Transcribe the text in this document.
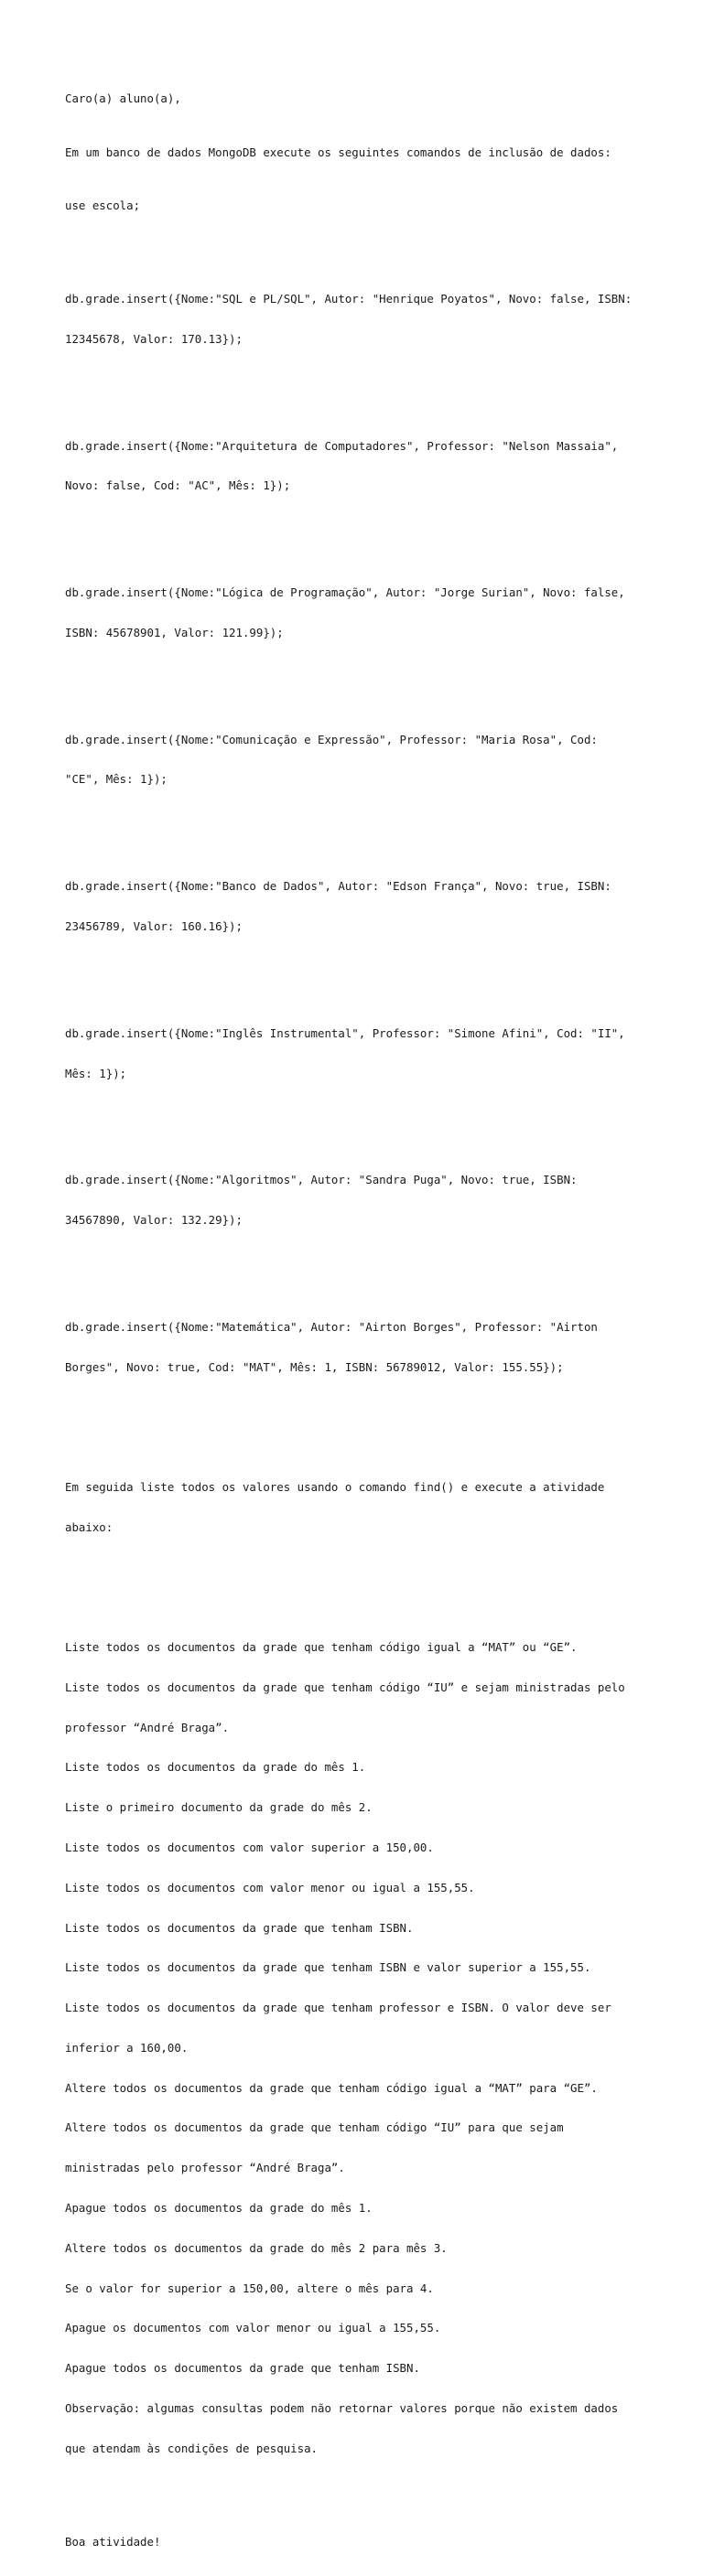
Caro(a) aluno(a),

Em um banco de dados MongoDB execute os seguintes comandos de inclusão de dados:

use escola;

db.grade.insert({Nome:"SQL e PL/SQL", Autor: "Henrique Poyatos", Novo: false, ISBN:

12345678, Valor: 170.13});

db.grade.insert({Nome:"Arquitetura de Computadores", Professor: "Nelson Massaia",

Novo: false, Cod: "AC", Mês: 1});

db.grade.insert({Nome:"Lógica de Programação", Autor: "Jorge Surian", Novo: false,

ISBN: 45678901, Valor: 121.99});

db.grade.insert({Nome:"Comunicação e Expressão", Professor: "Maria Rosa", Cod:

"CE", Mês: 1});

db.grade.insert({Nome:"Banco de Dados", Autor: "Edson França", Novo: true, ISBN:

23456789, Valor: 160.16});

db.grade.insert({Nome:"Inglês Instrumental", Professor: "Simone Afini", Cod: "II",

Mês: 1});

db.grade.insert({Nome:"Algoritmos", Autor: "Sandra Puga", Novo: true, ISBN:

34567890, Valor: 132.29});

db.grade.insert({Nome:"Matemática", Autor: "Airton Borges", Professor: "Airton

Borges", Novo: true, Cod: "MAT", Mês: 1, ISBN: 56789012, Valor: 155.55});

Em seguida liste todos os valores usando o comando find() e execute a atividade

abaixo:

Liste todos os documentos da grade que tenham código igual a “MAT” ou “GE”.

Liste todos os documentos da grade que tenham código “IU” e sejam ministradas pelo

professor “André Braga”.

Liste todos os documentos da grade do mês 1.

Liste o primeiro documento da grade do mês 2.

Liste todos os documentos com valor superior a 150,00.

Liste todos os documentos com valor menor ou igual a 155,55.

Liste todos os documentos da grade que tenham ISBN.

Liste todos os documentos da grade que tenham ISBN e valor superior a 155,55.

Liste todos os documentos da grade que tenham professor e ISBN. O valor deve ser

inferior a 160,00.

Altere todos os documentos da grade que tenham código igual a “MAT” para “GE”.

Altere todos os documentos da grade que tenham código “IU” para que sejam

ministradas pelo professor “André Braga”.

Apague todos os documentos da grade do mês 1.

Altere todos os documentos da grade do mês 2 para mês 3.

Se o valor for superior a 150,00, altere o mês para 4.

Apague os documentos com valor menor ou igual a 155,55.

Apague todos os documentos da grade que tenham ISBN.

Observação: algumas consultas podem não retornar valores porque não existem dados

que atendam às condições de pesquisa.

Boa atividade!
